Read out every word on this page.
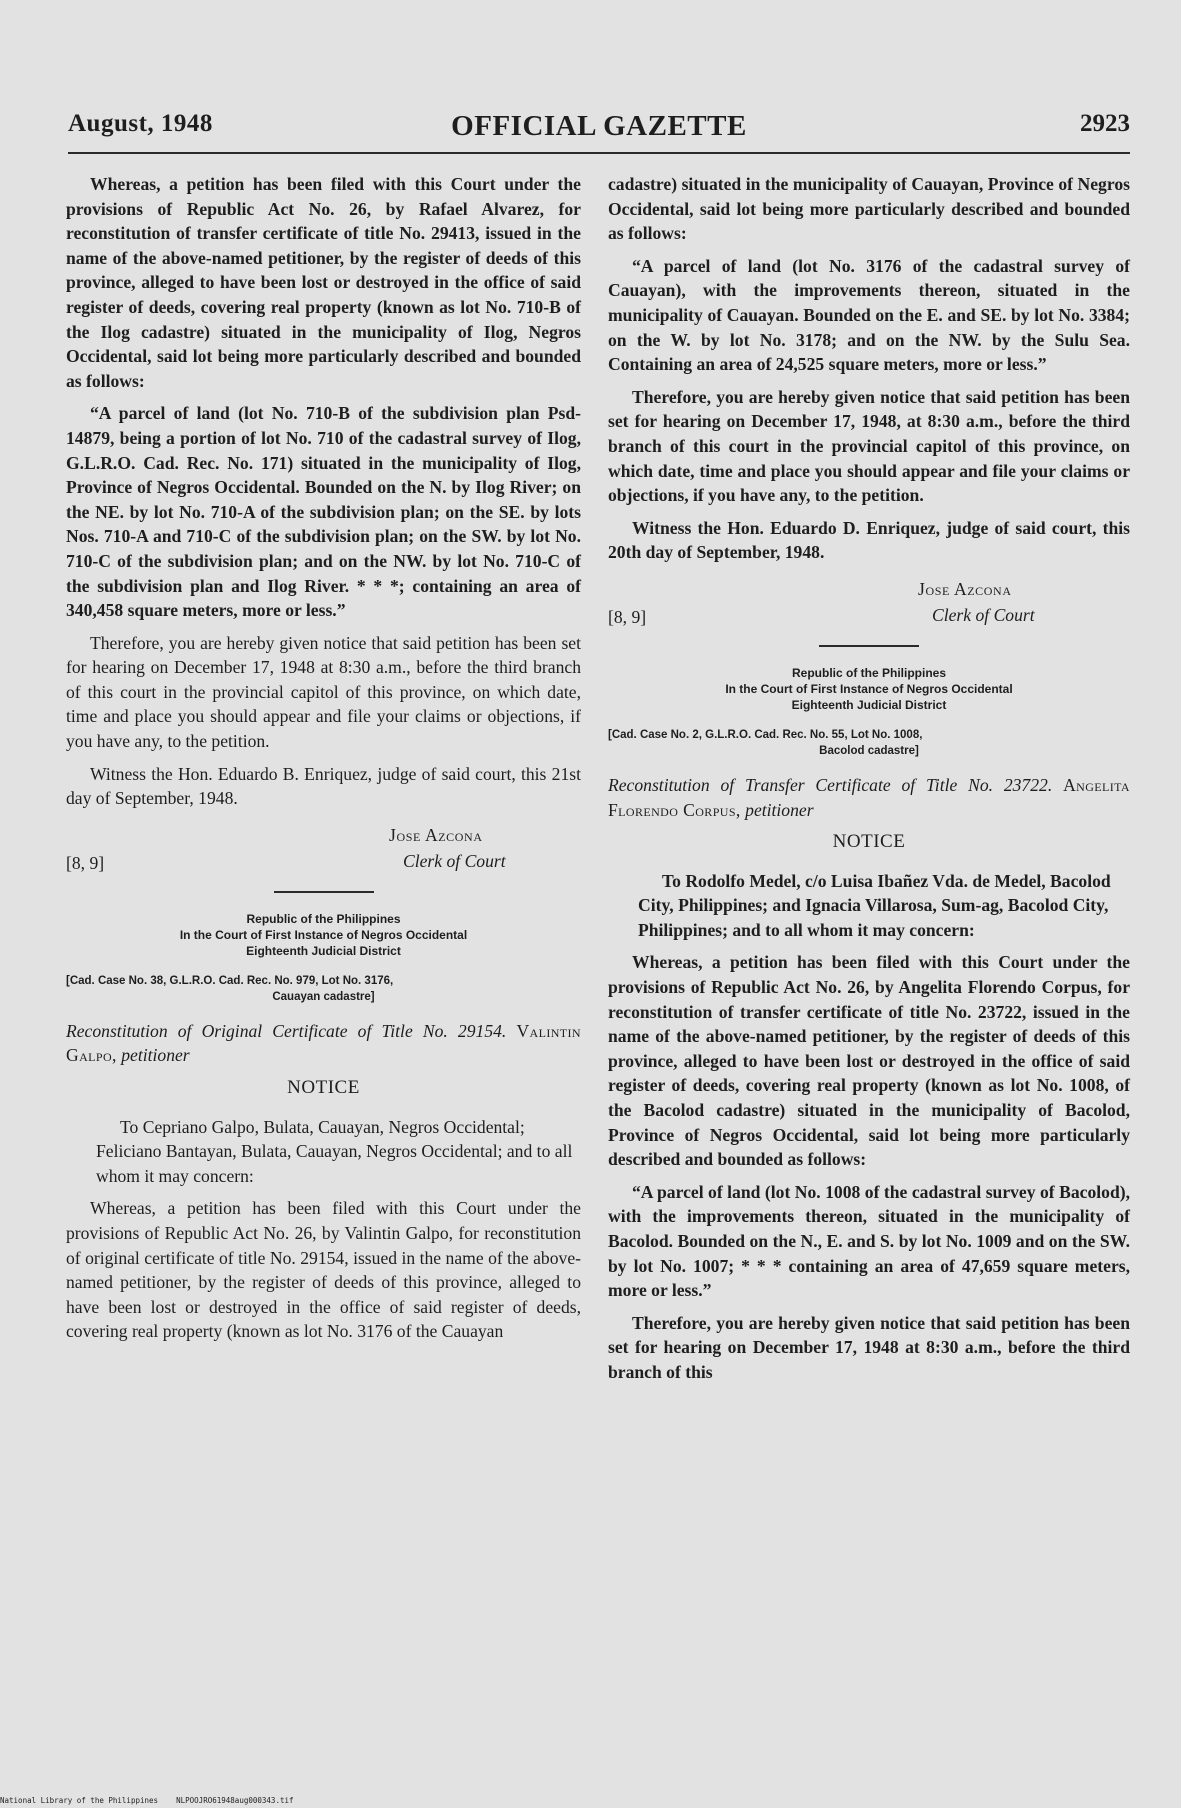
August, 1948	OFFICIAL GAZETTE	2923

Whereas, a petition has been filed with this Court under the provisions of Republic Act No. 26, by Rafael Alvarez, for reconstitution of transfer certificate of title No. 29413, issued in the name of the above-named petitioner, by the register of deeds of this province, alleged to have been lost or destroyed in the office of said register of deeds, covering real property (known as lot No. 710-B of the Ilog cadastre) situated in the municipality of Ilog, Negros Occidental, said lot being more particularly described and bounded as follows:

“A parcel of land (lot No. 710-B of the subdivision plan Psd-14879, being a portion of lot No. 710 of the cadastral survey of Ilog, G.L.R.O. Cad. Rec. No. 171) situated in the municipality of Ilog, Province of Negros Occidental. Bounded on the N. by Ilog River; on the NE. by lot No. 710-A of the subdivision plan; on the SE. by lots Nos. 710-A and 710-C of the subdivision plan; on the SW. by lot No. 710-C of the subdivision plan; and on the NW. by lot No. 710-C of the subdivision plan and Ilog River. * * *; containing an area of 340,458 square meters, more or less.”

Therefore, you are hereby given notice that said petition has been set for hearing on December 17, 1948 at 8:30 a.m., before the third branch of this court in the provincial capitol of this province, on which date, time and place you should appear and file your claims or objections, if you have any, to the petition.

Witness the Hon. Eduardo B. Enriquez, judge of said court, this 21st day of September, 1948.

Jose Azcona
Clerk of Court
[8, 9]
Republic of the Philippines
In the Court of First Instance of Negros Occidental
Eighteenth Judicial District
[Cad. Case No. 38, G.L.R.O. Cad. Rec. No. 979, Lot No. 3176,
Cauayan cadastre]

Reconstitution of Original Certificate of Title No. 29154. Valintin Galpo, petitioner

NOTICE

To Cepriano Galpo, Bulata, Cauayan, Negros Occidental; Feliciano Bantayan, Bulata, Cauayan, Negros Occidental; and to all whom it may concern:

Whereas, a petition has been filed with this Court under the provisions of Republic Act No. 26, by Valintin Galpo, for reconstitution of original certificate of title No. 29154, issued in the name of the above-named petitioner, by the register of deeds of this province, alleged to have been lost or destroyed in the office of said register of deeds, covering real property (known as lot No. 3176 of the Cauayan

cadastre) situated in the municipality of Cauayan, Province of Negros Occidental, said lot being more particularly described and bounded as follows:

“A parcel of land (lot No. 3176 of the cadastral survey of Cauayan), with the improvements thereon, situated in the municipality of Cauayan. Bounded on the E. and SE. by lot No. 3384; on the W. by lot No. 3178; and on the NW. by the Sulu Sea. Containing an area of 24,525 square meters, more or less.”

Therefore, you are hereby given notice that said petition has been set for hearing on December 17, 1948, at 8:30 a.m., before the third branch of this court in the provincial capitol of this province, on which date, time and place you should appear and file your claims or objections, if you have any, to the petition.

Witness the Hon. Eduardo D. Enriquez, judge of said court, this 20th day of September, 1948.

Jose Azcona
Clerk of Court
[8, 9]
Republic of the Philippines
In the Court of First Instance of Negros Occidental
Eighteenth Judicial District
[Cad. Case No. 2, G.L.R.O. Cad. Rec. No. 55, Lot No. 1008,
Bacolod cadastre]

Reconstitution of Transfer Certificate of Title No. 23722. Angelita Florendo Corpus, petitioner

NOTICE

To Rodolfo Medel, c/o Luisa Ibañez Vda. de Medel, Bacolod City, Philippines; and Ignacia Villarosa, Sum-ag, Bacolod City, Philippines; and to all whom it may concern:

Whereas, a petition has been filed with this Court under the provisions of Republic Act No. 26, by Angelita Florendo Corpus, for reconstitution of transfer certificate of title No. 23722, issued in the name of the above-named petitioner, by the register of deeds of this province, alleged to have been lost or destroyed in the office of said register of deeds, covering real property (known as lot No. 1008, of the Bacolod cadastre) situated in the municipality of Bacolod, Province of Negros Occidental, said lot being more particularly described and bounded as follows:

“A parcel of land (lot No. 1008 of the cadastral survey of Bacolod), with the improvements thereon, situated in the municipality of Bacolod. Bounded on the N., E. and S. by lot No. 1009 and on the SW. by lot No. 1007; * * * containing an area of 47,659 square meters, more or less.”

Therefore, you are hereby given notice that said petition has been set for hearing on December 17, 1948 at 8:30 a.m., before the third branch of this

National Library of the Philippines NLPOOJRO61948aug000343.tif
